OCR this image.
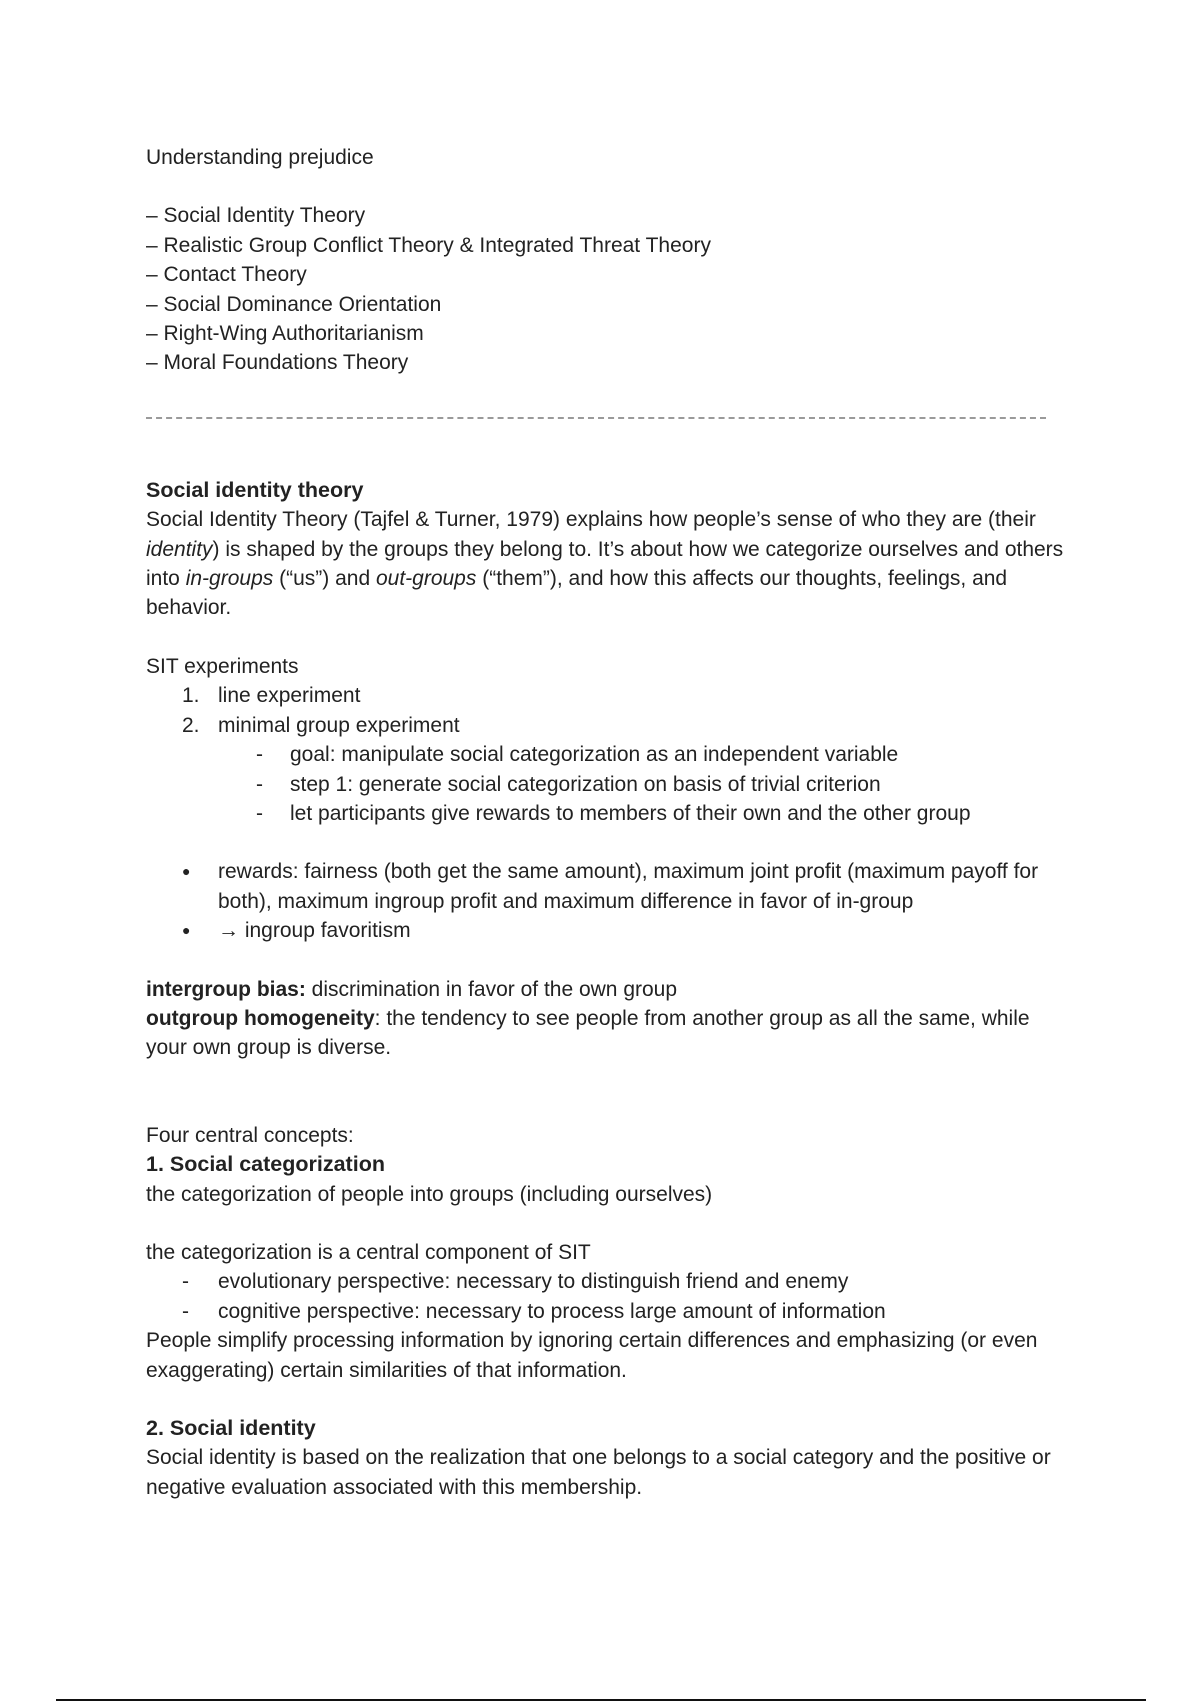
Understanding prejudice

– Social Identity Theory

– Realistic Group Conflict Theory & Integrated Threat Theory

– Contact Theory

– Social Dominance Orientation

– Right-Wing Authoritarianism

– Moral Foundations Theory

Social identity theory

Social Identity Theory (Tajfel & Turner, 1979) explains how people’s sense of who they are (their identity) is shaped by the groups they belong to. It’s about how we categorize ourselves and others into in-groups (“us”) and out-groups (“them”), and how this affects our thoughts, feelings, and behavior.

SIT experiments

1. line experiment
2. minimal group experiment
- goal: manipulate social categorization as an independent variable
- step 1: generate social categorization on basis of trivial criterion
- let participants give rewards to members of their own and the other group
● rewards: fairness (both get the same amount), maximum joint profit (maximum payoff for both), maximum ingroup profit and maximum difference in favor of in-group
● → ingroup favoritism

intergroup bias: discrimination in favor of the own group

outgroup homogeneity: the tendency to see people from another group as all the same, while your own group is diverse.

Four central concepts:

1. Social categorization

the categorization of people into groups (including ourselves)

the categorization is a central component of SIT

- evolutionary perspective: necessary to distinguish friend and enemy
- cognitive perspective: necessary to process large amount of information

People simplify processing information by ignoring certain differences and emphasizing (or even exaggerating) certain similarities of that information.

2. Social identity

Social identity is based on the realization that one belongs to a social category and the positive or negative evaluation associated with this membership.
